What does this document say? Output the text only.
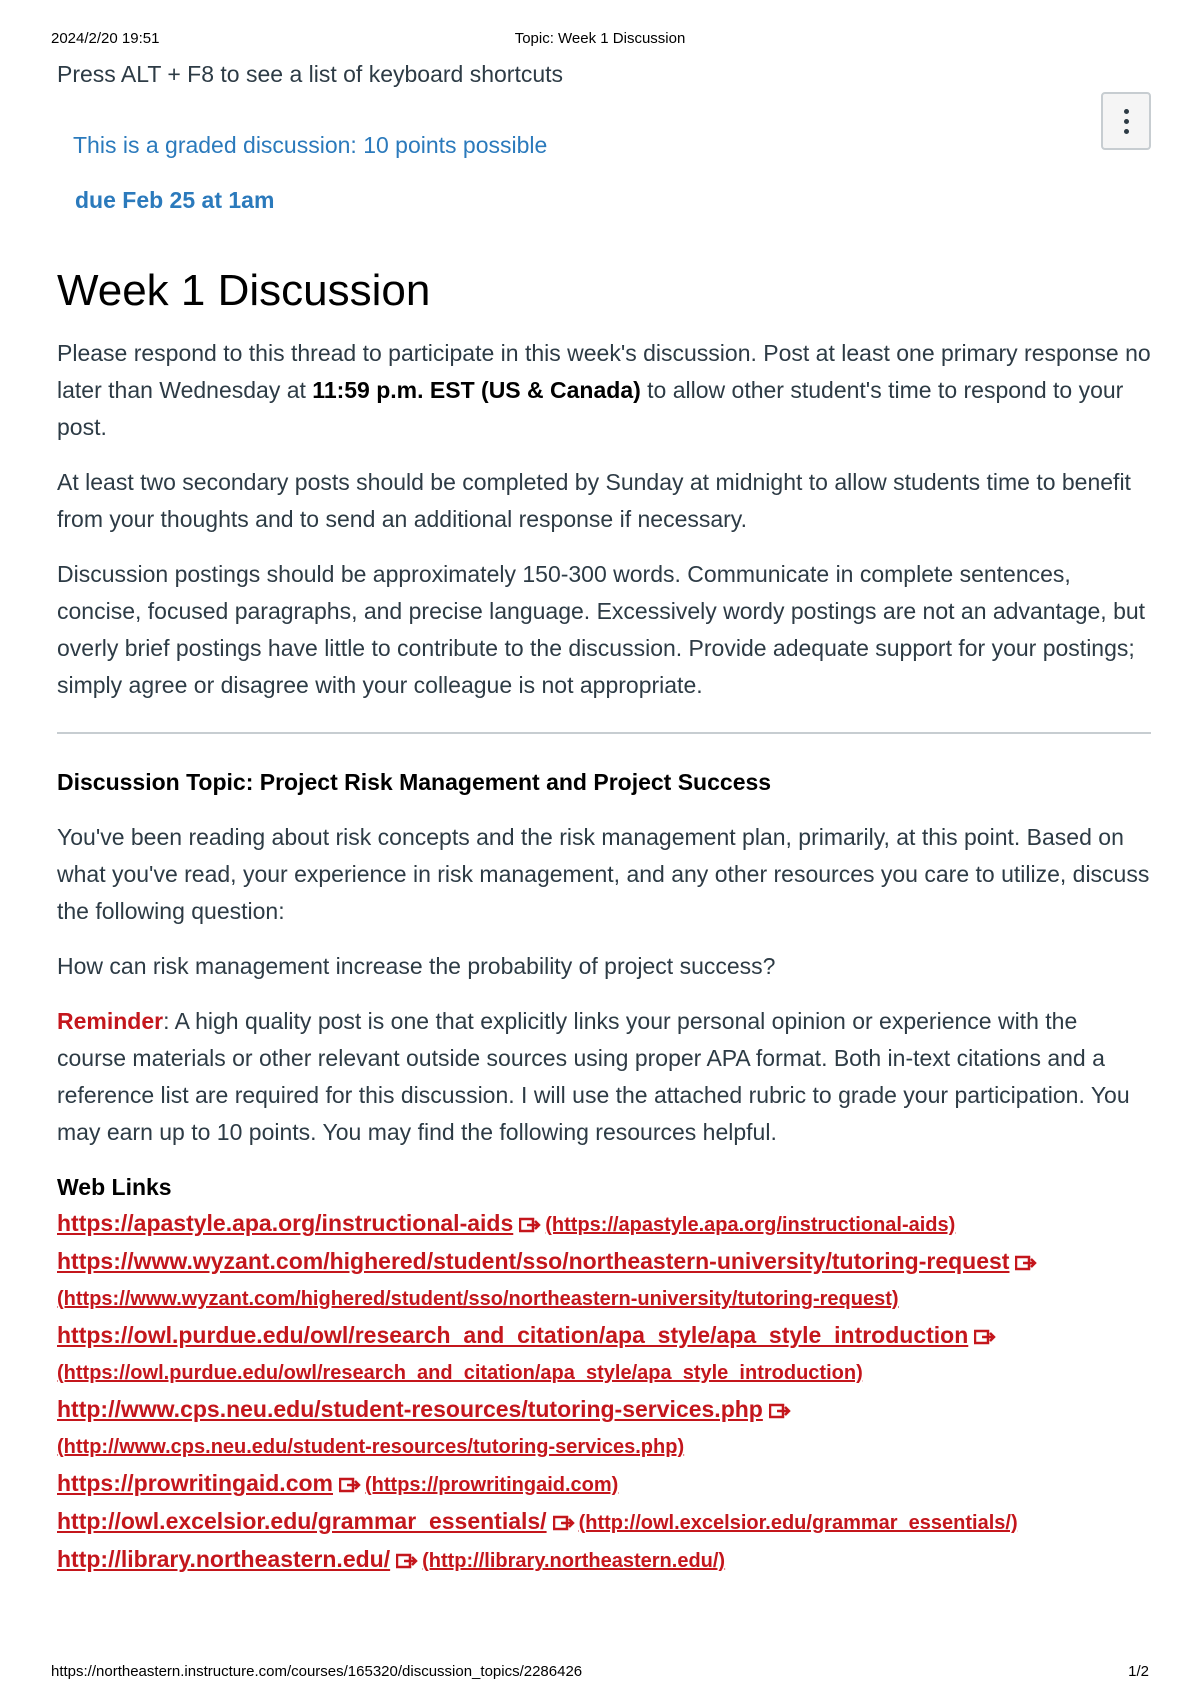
2024/2/20 19:51	Topic: Week 1 Discussion

Press ALT + F8 to see a list of keyboard shortcuts

This is a graded discussion: 10 points possible

due Feb 25 at 1am
Week 1 Discussion

Please respond to this thread to participate in this week's discussion. Post at least one primary response no later than Wednesday at 11:59 p.m. EST (US & Canada) to allow other student's time to respond to your post.

At least two secondary posts should be completed by Sunday at midnight to allow students time to benefit from your thoughts and to send an additional response if necessary.

Discussion postings should be approximately 150-300 words. Communicate in complete sentences, concise, focused paragraphs, and precise language. Excessively wordy postings are not an advantage, but overly brief postings have little to contribute to the discussion. Provide adequate support for your postings; simply agree or disagree with your colleague is not appropriate.

Discussion Topic: Project Risk Management and Project Success

You've been reading about risk concepts and the risk management plan, primarily, at this point. Based on what you've read, your experience in risk management, and any other resources you care to utilize, discuss the following question:

How can risk management increase the probability of project success?

Reminder: A high quality post is one that explicitly links your personal opinion or experience with the course materials or other relevant outside sources using proper APA format. Both in-text citations and a reference list are required for this discussion. I will use the attached rubric to grade your participation. You may earn up to 10 points. You may find the following resources helpful.

Web Links
https://apastyle.apa.org/instructional-aids (https://apastyle.apa.org/instructional-aids)
https://www.wyzant.com/highered/student/sso/northeastern-university/tutoring-request
(https://www.wyzant.com/highered/student/sso/northeastern-university/tutoring-request)
https://owl.purdue.edu/owl/research_and_citation/apa_style/apa_style_introduction
(https://owl.purdue.edu/owl/research_and_citation/apa_style/apa_style_introduction)
http://www.cps.neu.edu/student-resources/tutoring-services.php
(http://www.cps.neu.edu/student-resources/tutoring-services.php)
https://prowritingaid.com (https://prowritingaid.com)
http://owl.excelsior.edu/grammar_essentials/ (http://owl.excelsior.edu/grammar_essentials/)
http://library.northeastern.edu/ (http://library.northeastern.edu/)
https://northeastern.instructure.com/courses/165320/discussion_topics/2286426	1/2
